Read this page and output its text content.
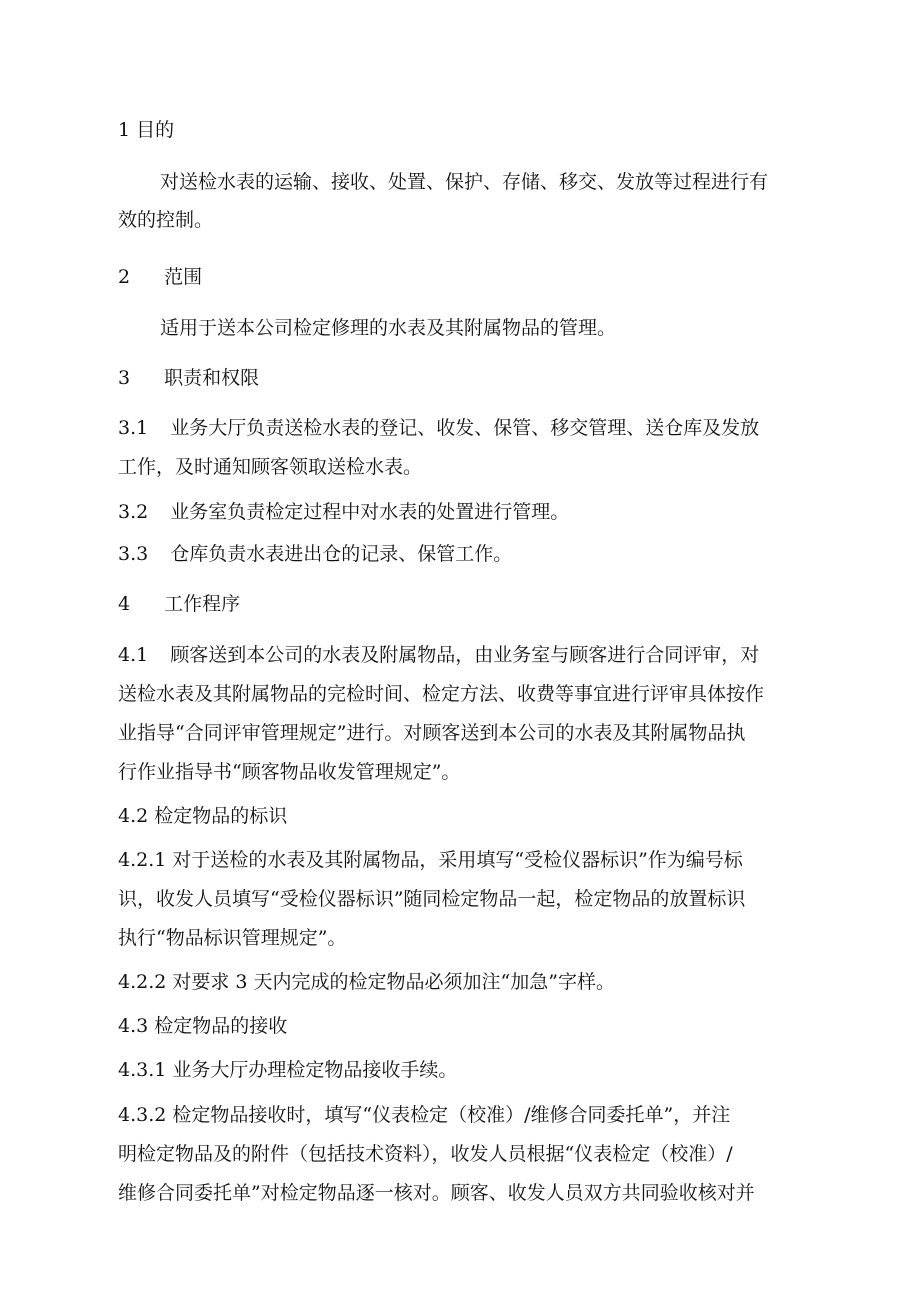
1 目的
对送检水表的运输、接收、处置、保护、存储、移交、发放等过程进行有
效的控制。
2 范围
适用于送本公司检定修理的水表及其附属物品的管理。
3 职责和权限
3.1 业务大厅负责送检水表的登记、收发、保管、移交管理、送仓库及发放
工作，及时通知顾客领取送检水表。
3.2 业务室负责检定过程中对水表的处置进行管理。
3.3 仓库负责水表进出仓的记录、保管工作。
4 工作程序
4.1 顾客送到本公司的水表及附属物品，由业务室与顾客进行合同评审，对
送检水表及其附属物品的完检时间、检定方法、收费等事宜进行评审具体按作
业指导“合同评审管理规定”进行。对顾客送到本公司的水表及其附属物品执
行作业指导书“顾客物品收发管理规定”。
4.2 检定物品的标识
4.2.1 对于送检的水表及其附属物品，采用填写“受检仪器标识”作为编号标
识，收发人员填写“受检仪器标识”随同检定物品一起，检定物品的放置标识
执行“物品标识管理规定”。
4.2.2 对要求 3 天内完成的检定物品必须加注“加急”字样。
4.3 检定物品的接收
4.3.1 业务大厅办理检定物品接收手续。
4.3.2 检定物品接收时，填写“仪表检定（校准）/维修合同委托单”，并注
明检定物品及的附件（包括技术资料），收发人员根据“仪表检定（校准）/
维修合同委托单”对检定物品逐一核对。顾客、收发人员双方共同验收核对并
